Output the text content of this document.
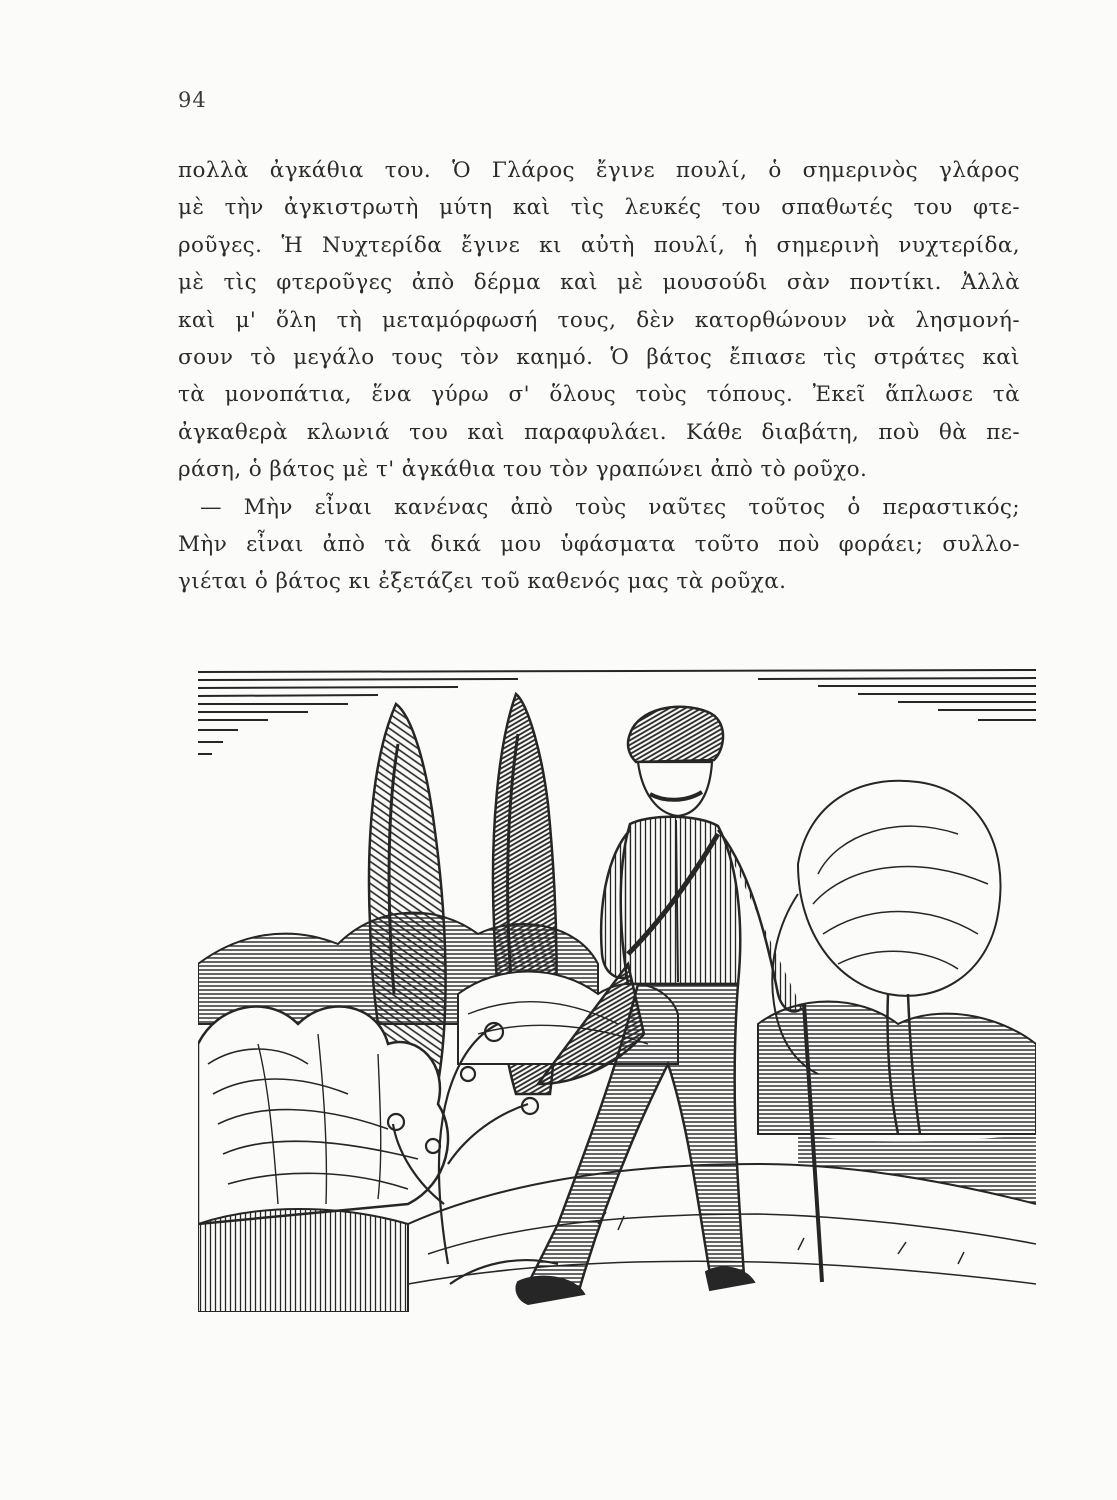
94
πολλὰ ἀγκάθια του. Ὁ Γλάρος ἔγινε πουλί, ὁ σημερινὸς γλάρος
μὲ τὴν ἀγκιστρωτὴ μύτη καὶ τὶς λευκές του σπαθωτές του φτε-
ροῦγες. Ἡ Νυχτερίδα ἔγινε κι αὐτὴ πουλί, ἡ σημερινὴ νυχτερίδα,
μὲ τὶς φτεροῦγες ἀπὸ δέρμα καὶ μὲ μουσούδι σὰν ποντίκι. Ἀλλὰ
καὶ μ' ὅλη τὴ μεταμόρφωσή τους, δὲν κατορθώνουν νὰ λησμονή-
σουν τὸ μεγάλο τους τὸν καημό. Ὁ βάτος ἔπιασε τὶς στράτες καὶ
τὰ μονοπάτια, ἕνα γύρω σ' ὅλους τοὺς τόπους. Ἐκεῖ ἅπλωσε τὰ
ἀγκαθερὰ κλωνιά του καὶ παραφυλάει. Κάθε διαβάτη, ποὺ θὰ πε-
ράση, ὁ βάτος μὲ τ' ἀγκάθια του τὸν γραπώνει ἀπὸ τὸ ροῦχο.
— Μὴν εἶναι κανένας ἀπὸ τοὺς ναῦτες τοῦτος ὁ περαστικός;
Μὴν εἶναι ἀπὸ τὰ δικά μου ὑφάσματα τοῦτο ποὺ φοράει; συλλο-
γιέται ὁ βάτος κι ἐξετάζει τοῦ καθενός μας τὰ ροῦχα.
